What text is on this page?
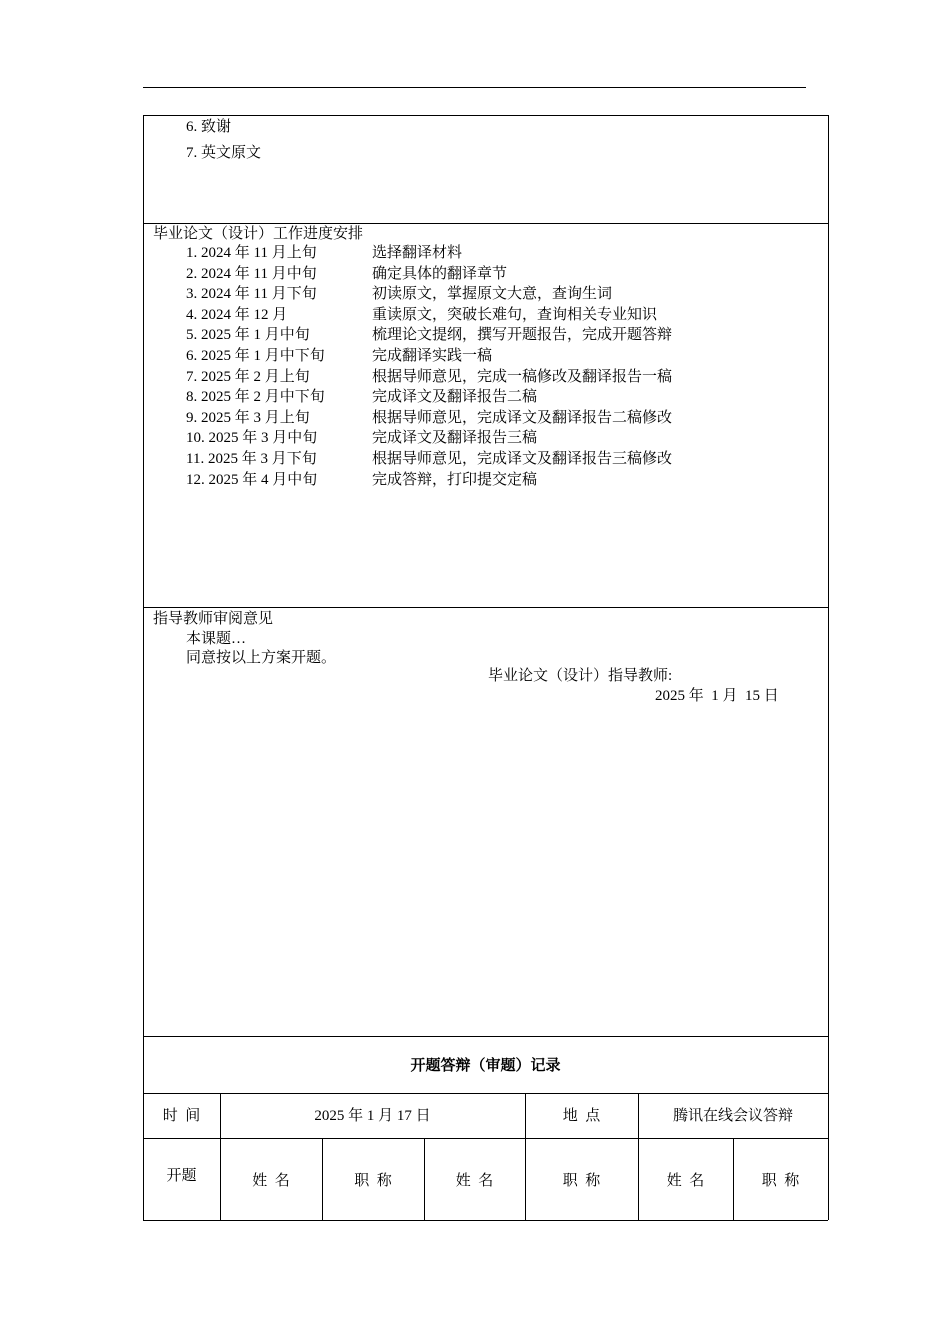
6. 致谢
7. 英文原文
毕业论文（设计）工作进度安排
1. 2024 年 11 月上旬	选择翻译材料
2. 2024 年 11 月中旬	确定具体的翻译章节
3. 2024 年 11 月下旬	初读原文，掌握原文大意，查询生词
4. 2024 年 12 月	重读原文，突破长难句，查询相关专业知识
5. 2025 年 1 月中旬	梳理论文提纲，撰写开题报告，完成开题答辩
6. 2025 年 1 月中下旬	完成翻译实践一稿
7. 2025 年 2 月上旬	根据导师意见，完成一稿修改及翻译报告一稿
8. 2025 年 2 月中下旬	完成译文及翻译报告二稿
9. 2025 年 3 月上旬	根据导师意见，完成译文及翻译报告二稿修改
10. 2025 年 3 月中旬	完成译文及翻译报告三稿
11. 2025 年 3 月下旬	根据导师意见，完成译文及翻译报告三稿修改
12. 2025 年 4 月中旬	完成答辩，打印提交定稿
指导教师审阅意见
本课题…
同意按以上方案开题。
毕业论文（设计）指导教师:
2025 年  1 月  15 日
开题答辩（审题）记录
时  间	2025 年 1 月 17 日	地  点	腾讯在线会议答辩
开题	姓  名	职  称	姓  名	职  称	姓  名	职  称
